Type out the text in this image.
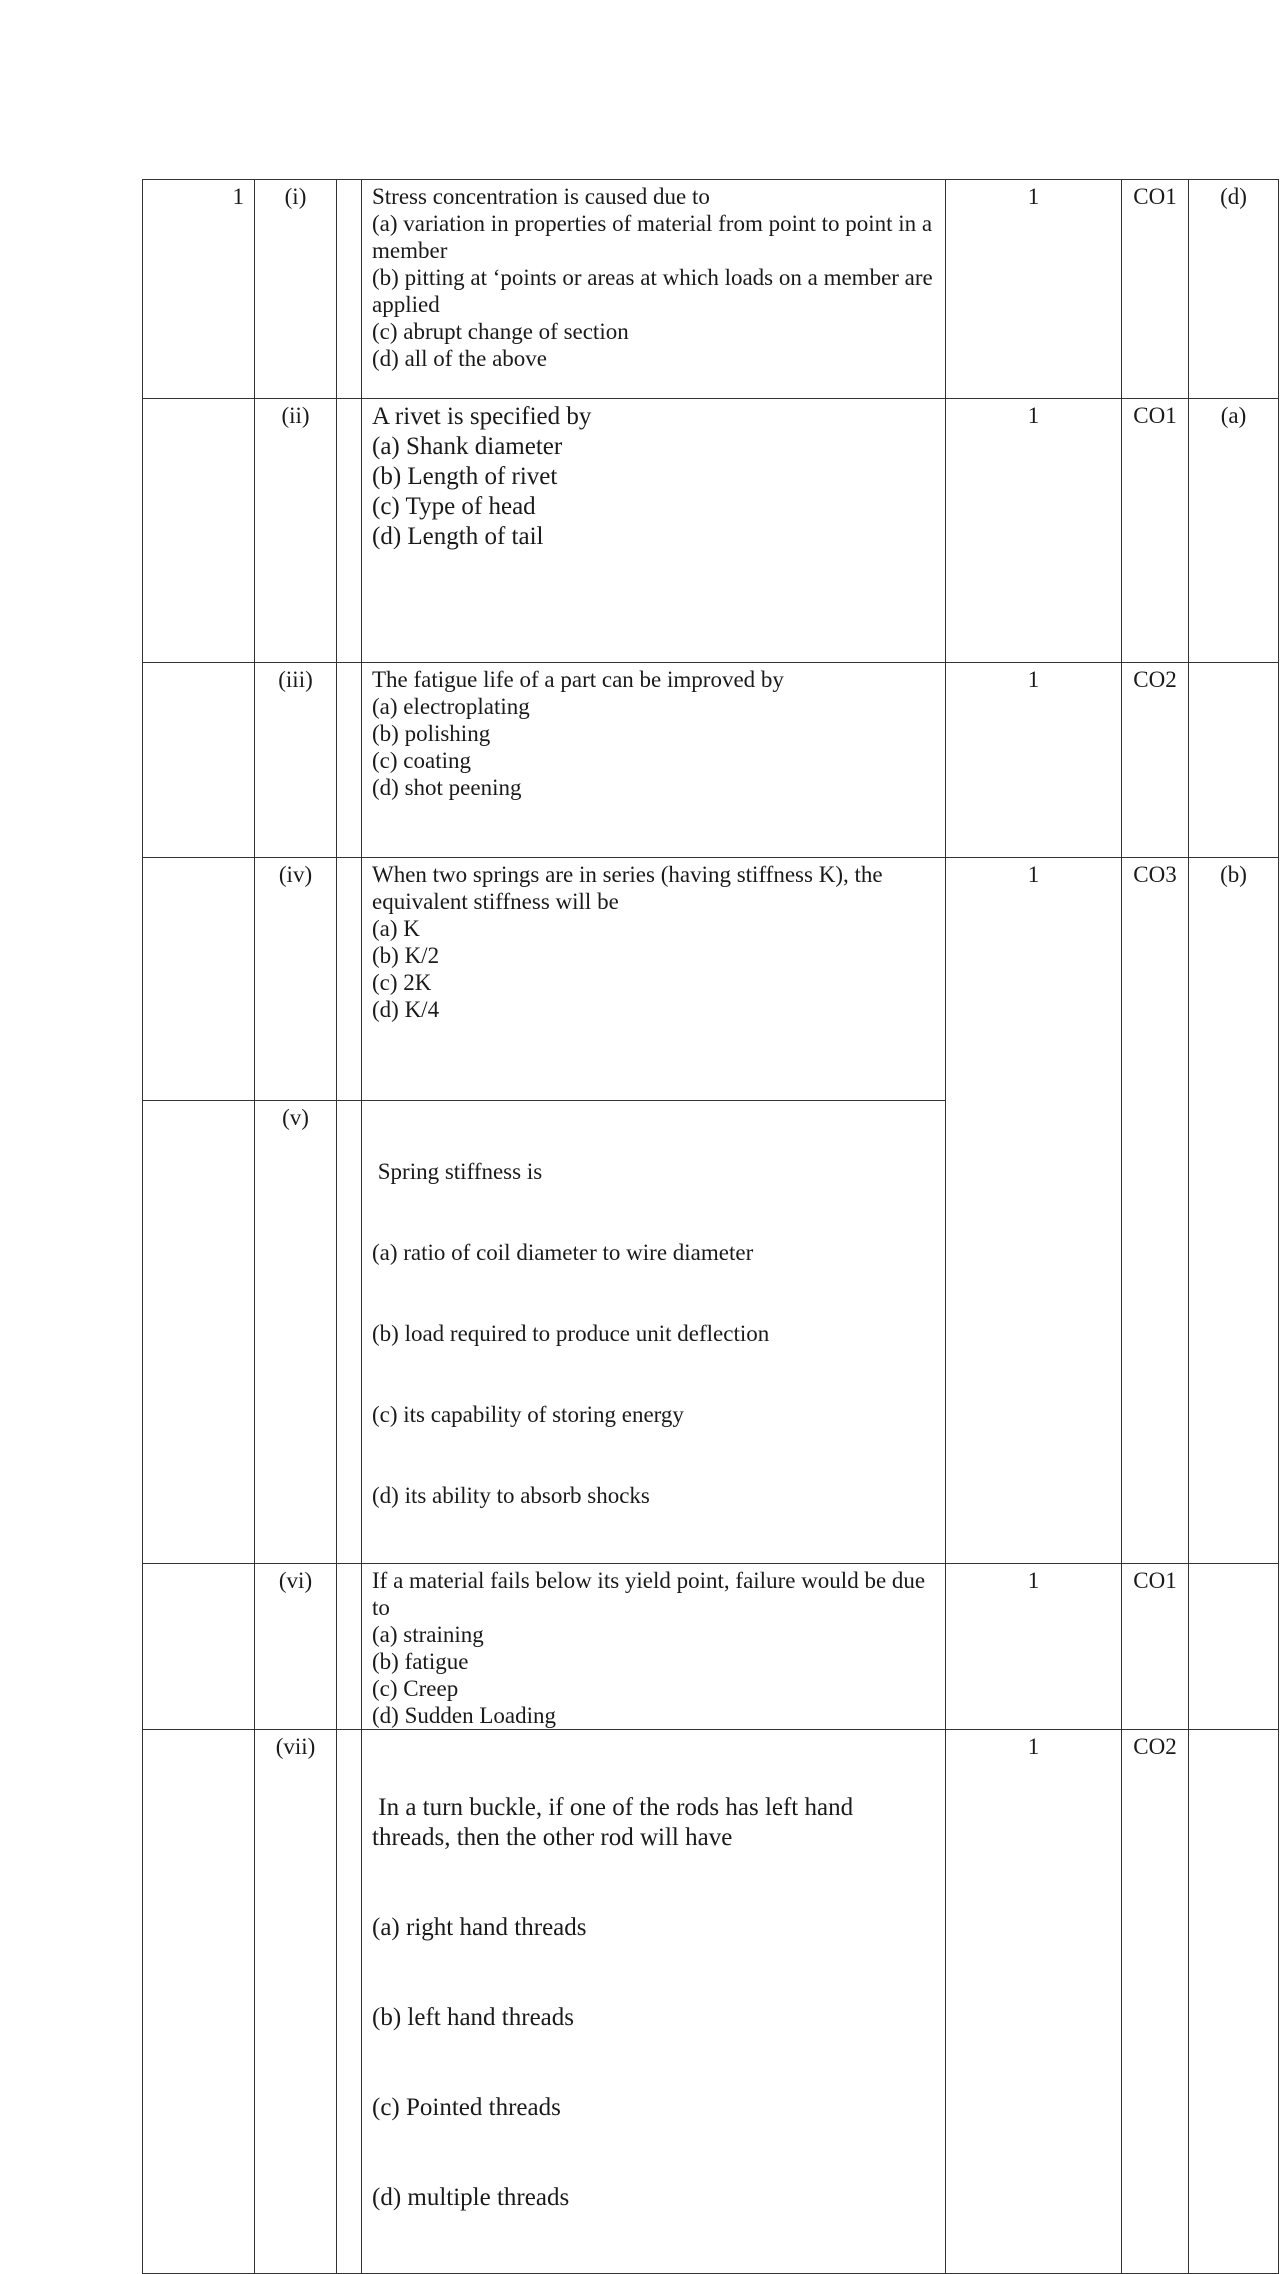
1	(i)		Stress concentration is caused due to
(a) variation in properties of material from point to point in a member
(b) pitting at ‘points or areas at which loads on a member are applied
(c) abrupt change of section
(d) all of the above	1	CO1	(d)
	(ii)		A rivet is specified by
(a) Shank diameter
(b) Length of rivet
(c) Type of head
(d) Length of tail	1	CO1	(a)
	(iii)		The fatigue life of a part can be improved by
(a) electroplating
(b) polishing
(c) coating
(d) shot peening	1	CO2	
	(iv)		When two springs are in series (having stiffness K), the equivalent stiffness will be
(a) K
(b) K/2
(c) 2K
(d) K/4	1	CO3	(b)
	(v)		Spring stiffness is

(a) ratio of coil diameter to wire diameter

(b) load required to produce unit deflection

(c) its capability of storing energy

(d) its ability to absorb shocks			

	(vi)		If a material fails below its yield point, failure would be due to
(a) straining
(b) fatigue
(c) Creep
(d) Sudden Loading	1	CO1	
	(vii)		In a turn buckle, if one of the rods has left hand threads, then the other rod will have

(a) right hand threads

(b) left hand threads

(c) Pointed threads

(d) multiple threads	1	CO2	
